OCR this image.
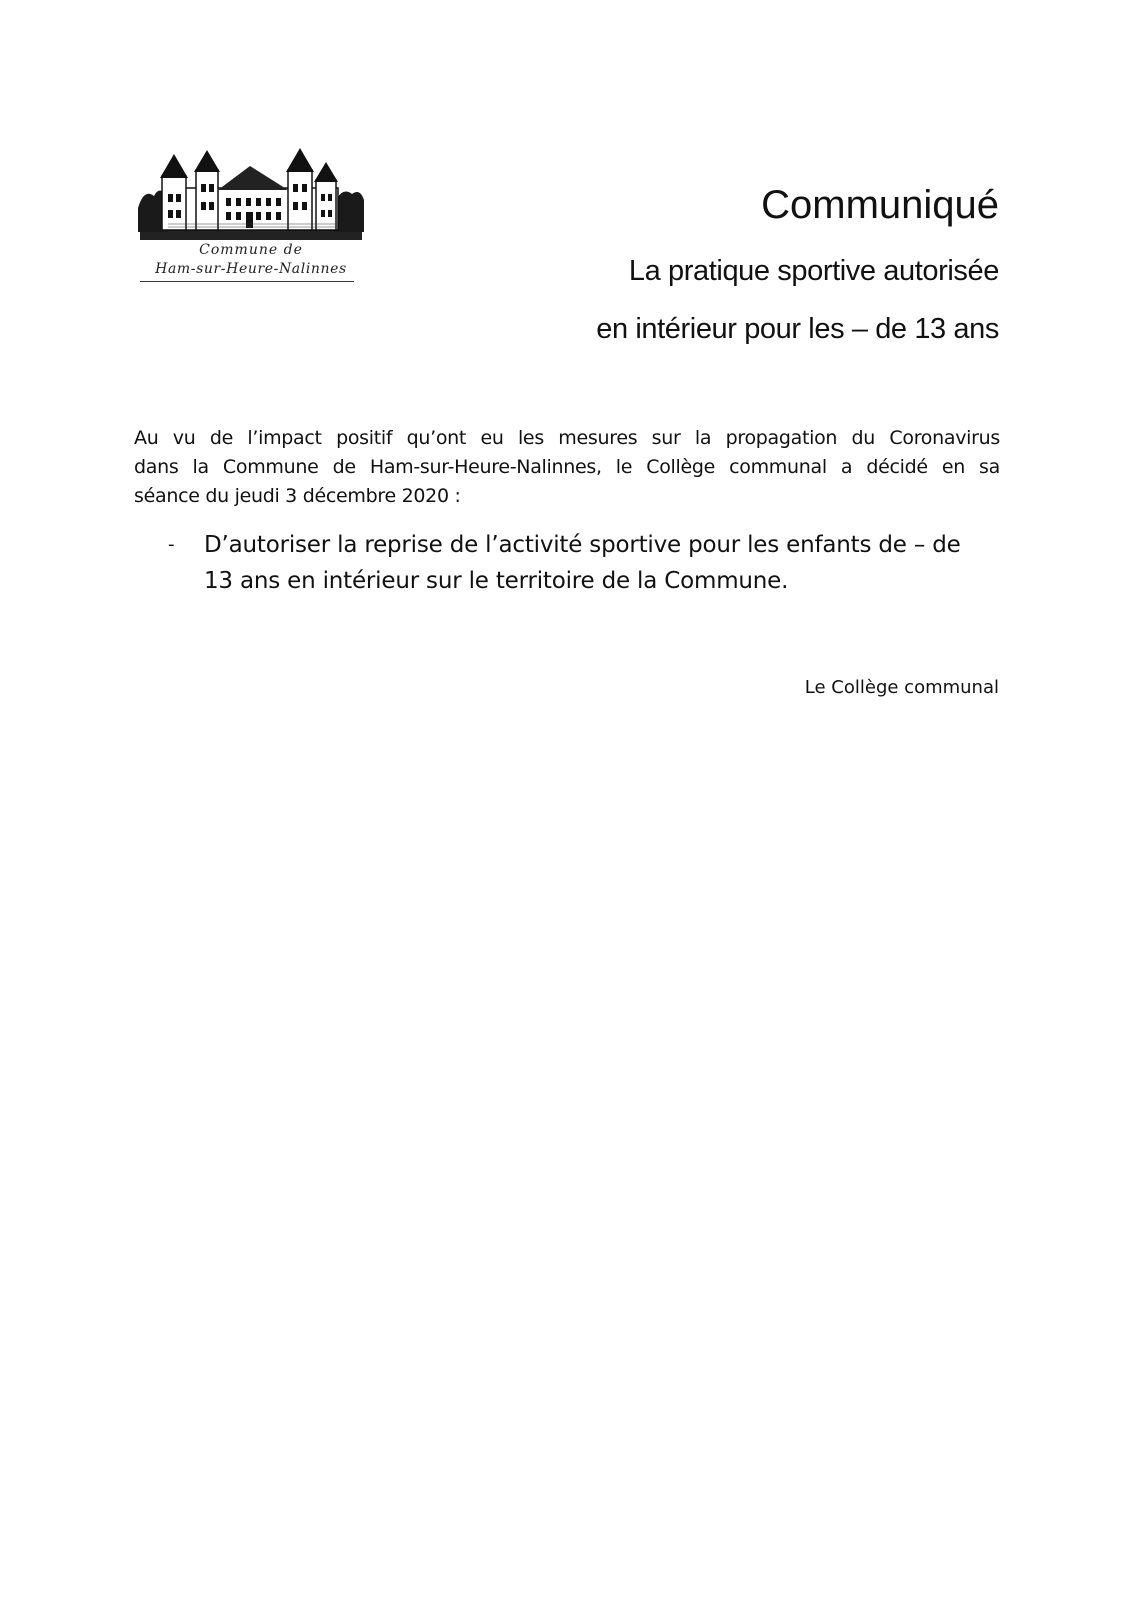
Commune de
Ham-sur-Heure-Nalinnes
Communiqué
La pratique sportive autorisée
en intérieur pour les – de 13 ans
Au vu de l’impact positif qu’ont eu les mesures sur la propagation du Coronavirus
dans la Commune de Ham-sur-Heure-Nalinnes, le Collège communal a décidé en sa
séance du jeudi 3 décembre 2020 :
- D’autoriser la reprise de l’activité sportive pour les enfants de – de
13 ans en intérieur sur le territoire de la Commune.
Le Collège communal
